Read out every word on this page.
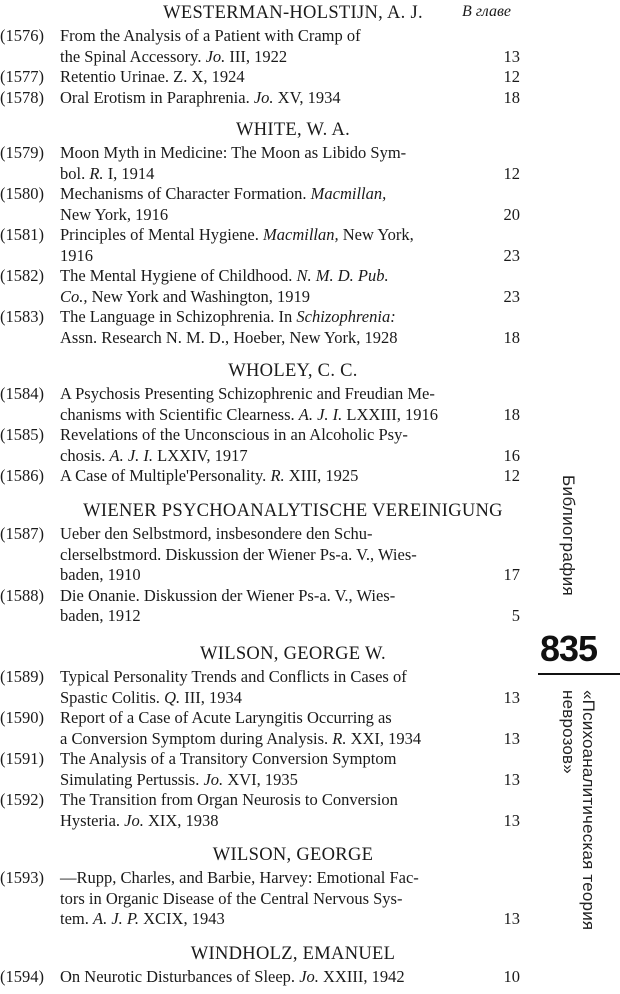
В главе
WESTERMAN-HOLSTIJN, A. J.
(1576) From the Analysis of a Patient with Cramp of
the Spinal Accessory. Jo. III, 1922	13
(1577) Retentio Urinae. Z. X, 1924	12
(1578) Oral Erotism in Paraphrenia. Jo. XV, 1934	18
WHITE, W. A.
(1579) Moon Myth in Medicine: The Moon as Libido Sym-
bol. R. I, 1914	12
(1580) Mechanisms of Character Formation. Macmillan,
New York, 1916	20
(1581) Principles of Mental Hygiene. Macmillan, New York,
1916	23
(1582) The Mental Hygiene of Childhood. N. M. D. Pub.
Co., New York and Washington, 1919	23
(1583) The Language in Schizophrenia. In Schizophrenia:
Assn. Research N. M. D., Hoeber, New York, 1928	18
WHOLEY, C. C.
(1584) A Psychosis Presenting Schizophrenic and Freudian Me-
chanisms with Scientific Clearness. A. J. I. LXXIII, 1916	18
(1585) Revelations of the Unconscious in an Alcoholic Psy-
chosis. A. J. I. LXXIV, 1917	16
(1586) A Case of Multiple'Personality. R. XIII, 1925	12
WIENER PSYCHOANALYTISCHE VEREINIGUNG
(1587) Ueber den Selbstmord, insbesondere den Schu-
clerselbstmord. Diskussion der Wiener Ps-a. V., Wies-
baden, 1910	17
(1588) Die Onanie. Diskussion der Wiener Ps-a. V., Wies-
baden, 1912	5
WILSON, GEORGE W.
(1589) Typical Personality Trends and Conflicts in Cases of
Spastic Colitis. Q. III, 1934	13
(1590) Report of a Case of Acute Laryngitis Occurring as
a Conversion Symptom during Analysis. R. XXI, 1934	13
(1591) The Analysis of a Transitory Conversion Symptom
Simulating Pertussis. Jo. XVI, 1935	13
(1592) The Transition from Organ Neurosis to Conversion
Hysteria. Jo. XIX, 1938	13
WILSON, GEORGE
(1593) —Rupp, Charles, and Barbie, Harvey: Emotional Fac-
tors in Organic Disease of the Central Nervous Sys-
tem. A. J. P. XCIX, 1943	13
WINDHOLZ, EMANUEL
(1594) On Neurotic Disturbances of Sleep. Jo. XXIII, 1942	10
Библиография
835
«Психоаналитическая теория неврозов»
